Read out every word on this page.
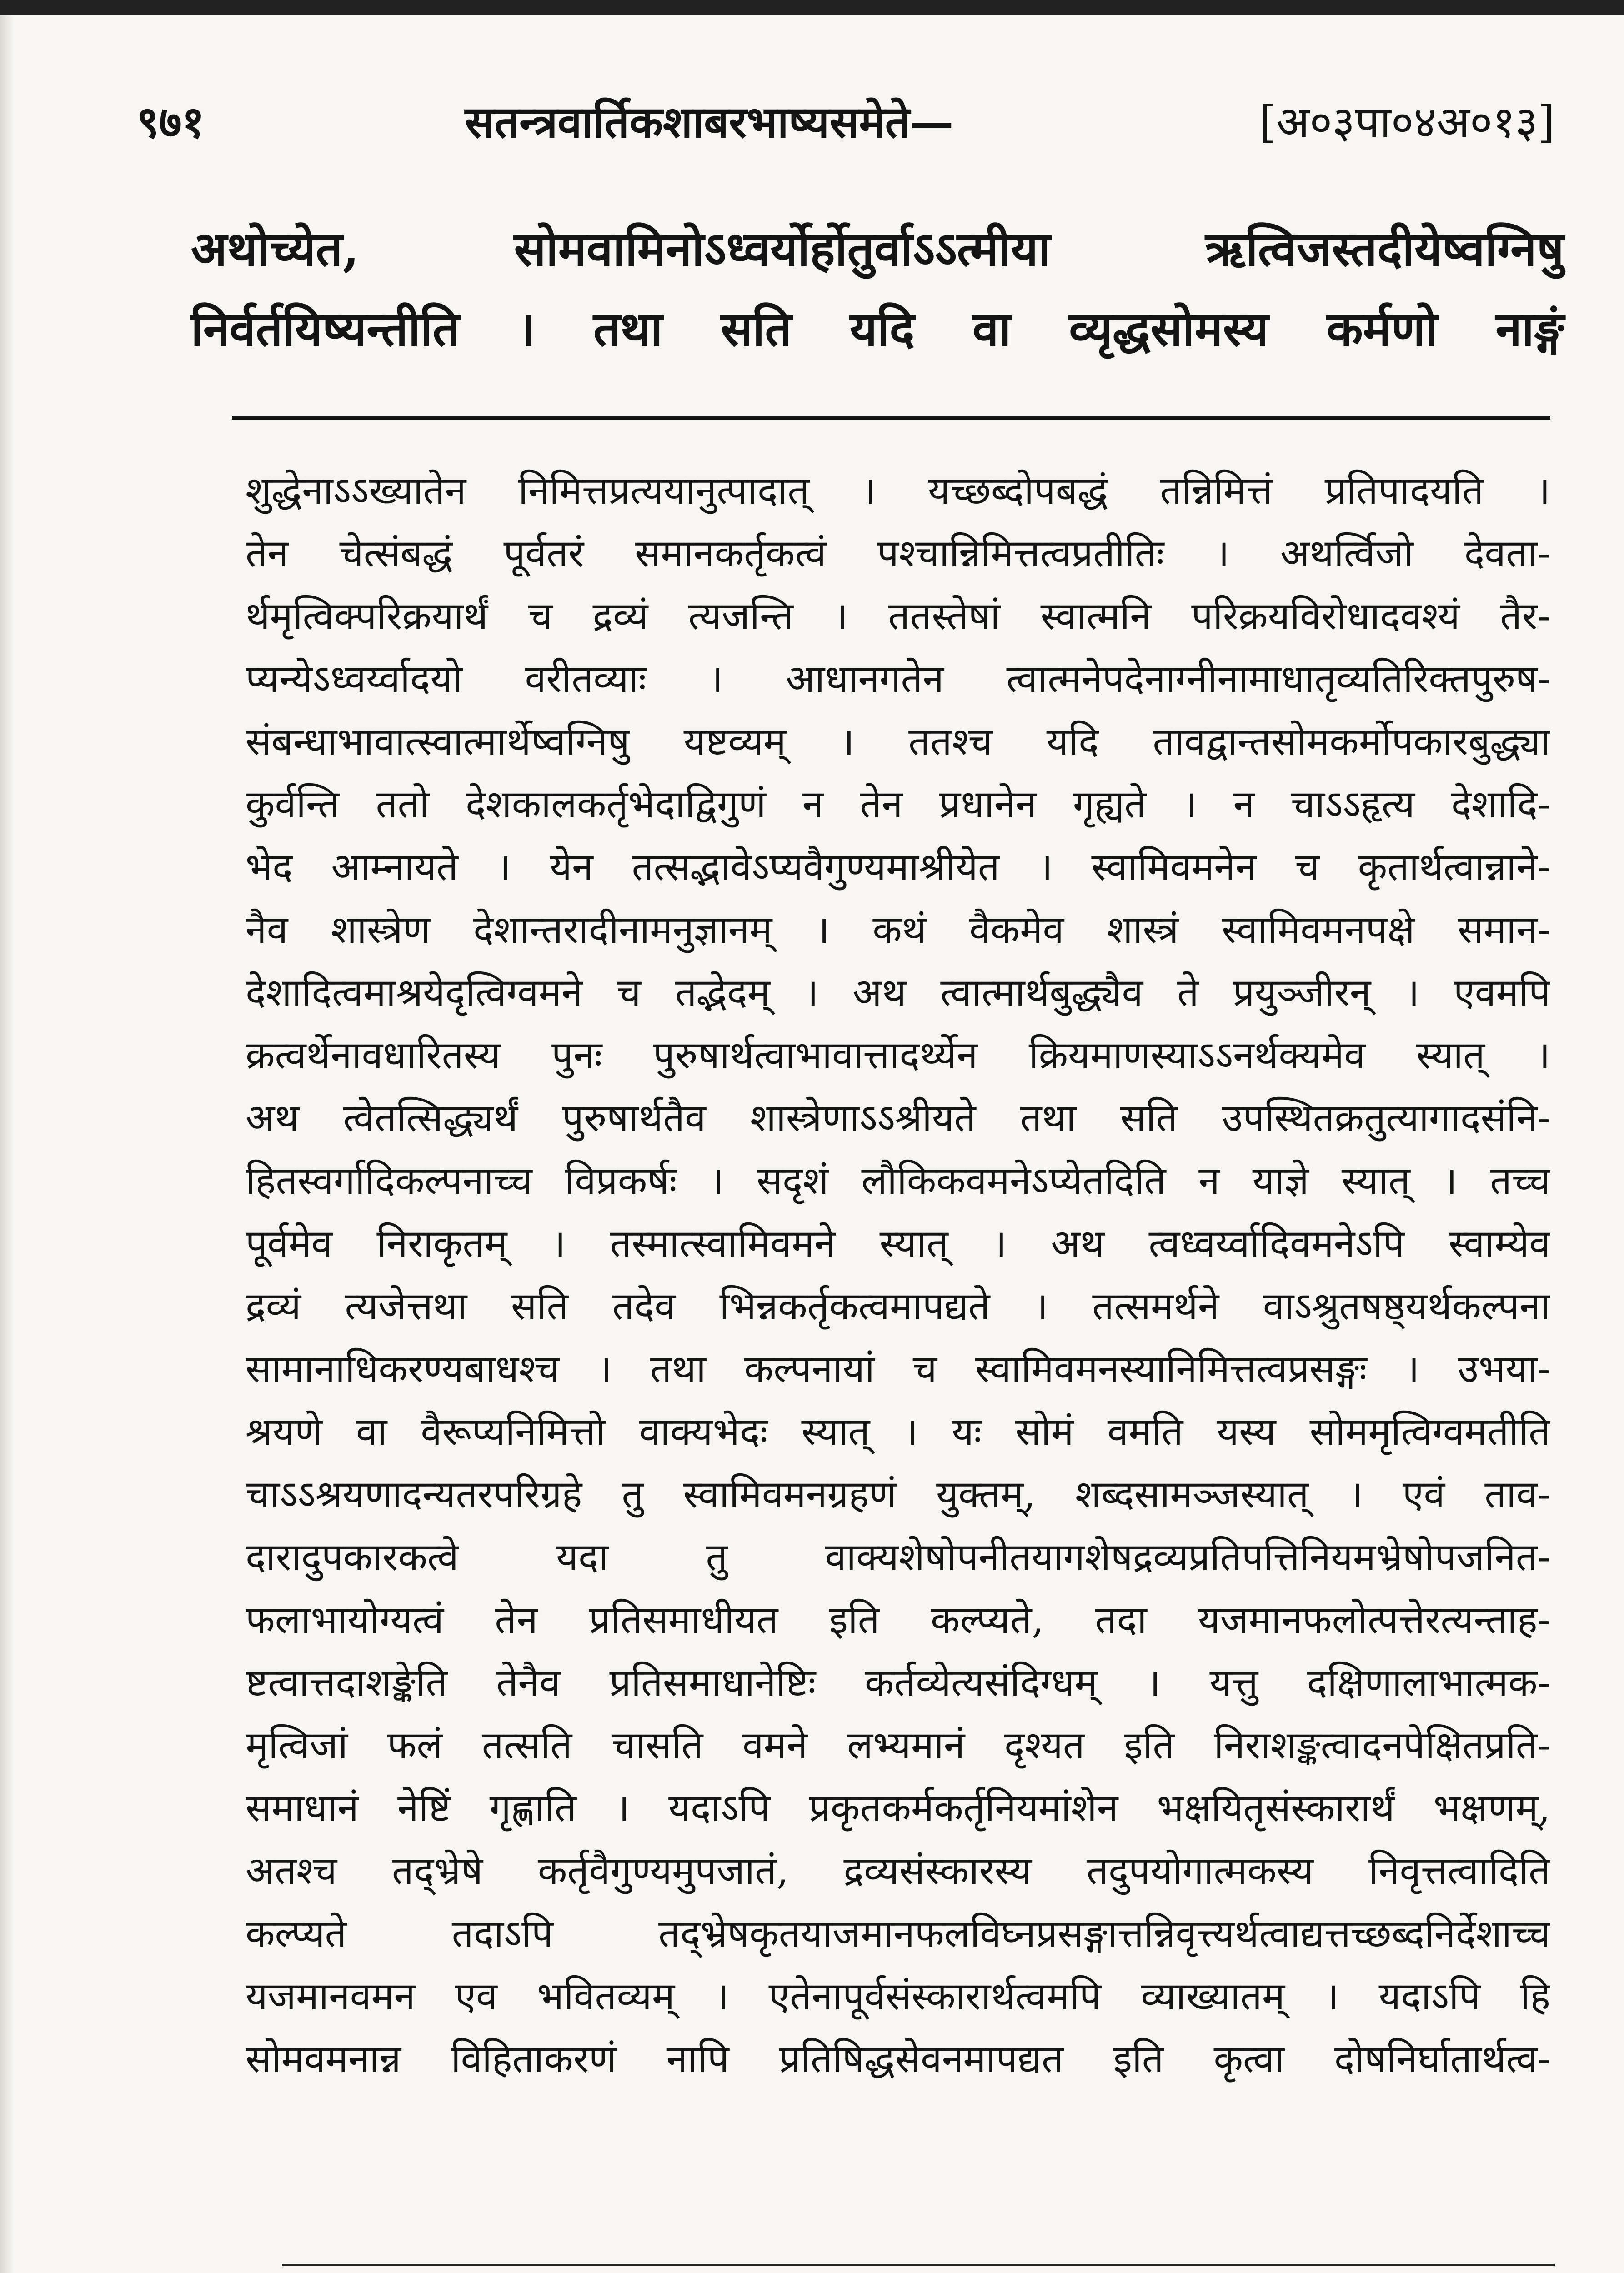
९७१	सतन्त्रवार्तिकशाबरभाष्यसमेते—	[अ०३पा०४अ०१३]
अथोच्येत, सोमवामिनोऽध्वर्योर्होतुर्वाऽऽत्मीया ऋत्विजस्तदीयेष्वग्निषु
निर्वर्तयिष्यन्तीति । तथा सति यदि वा व्यृद्धसोमस्य कर्मणो नाङ्गं
शुद्धेनाऽऽख्यातेन निमित्तप्रत्ययानुत्पादात् । यच्छब्दोपबद्धं तन्निमित्तं प्रतिपादयति ।
तेन चेत्संबद्धं पूर्वतरं समानकर्तृकत्वं पश्चान्निमित्तत्वप्रतीतिः । अथर्त्विजो देवता-
र्थमृत्विक्परिक्रयार्थं च द्रव्यं त्यजन्ति । ततस्तेषां स्वात्मनि परिक्रयविरोधादवश्यं तैर-
प्यन्येऽध्वर्य्वादयो वरीतव्याः । आधानगतेन त्वात्मनेपदेनाग्नीनामाधातृव्यतिरिक्तपुरुष-
संबन्धाभावात्स्वात्मार्थेष्वग्निषु यष्टव्यम् । ततश्च यदि तावद्वान्तसोमकर्मोपकारबुद्ध्या
कुर्वन्ति ततो देशकालकर्तृभेदाद्विगुणं न तेन प्रधानेन गृह्यते । न चाऽऽहृत्य देशादि-
भेद आम्नायते । येन तत्सद्भावेऽप्यवैगुण्यमाश्रीयेत । स्वामिवमनेन च कृतार्थत्वान्नाने-
नैव शास्त्रेण देशान्तरादीनामनुज्ञानम् । कथं वैकमेव शास्त्रं स्वामिवमनपक्षे समान-
देशादित्वमाश्रयेदृत्विग्वमने च तद्भेदम् । अथ त्वात्मार्थबुद्ध्यैव ते प्रयुञ्जीरन् । एवमपि
क्रत्वर्थेनावधारितस्य पुनः पुरुषार्थत्वाभावात्तादर्थ्येन क्रियमाणस्याऽऽनर्थक्यमेव स्यात् ।
अथ त्वेतत्सिद्ध्यर्थं पुरुषार्थतैव शास्त्रेणाऽऽश्रीयते तथा सति उपस्थितक्रतुत्यागादसंनि-
हितस्वर्गादिकल्पनाच्च विप्रकर्षः । सदृशं लौकिकवमनेऽप्येतदिति न याज्ञे स्यात् । तच्च
पूर्वमेव निराकृतम् । तस्मात्स्वामिवमने स्यात् । अथ त्वध्वर्य्वादिवमनेऽपि स्वाम्येव
द्रव्यं त्यजेत्तथा सति तदेव भिन्नकर्तृकत्वमापद्यते । तत्समर्थने वाऽश्रुतषष्ठ्यर्थकल्पना
सामानाधिकरण्यबाधश्च । तथा कल्पनायां च स्वामिवमनस्यानिमित्तत्वप्रसङ्गः । उभया-
श्रयणे वा वैरूप्यनिमित्तो वाक्यभेदः स्यात् । यः सोमं वमति यस्य सोममृत्विग्वमतीति
चाऽऽश्रयणादन्यतरपरिग्रहे तु स्वामिवमनग्रहणं युक्तम्, शब्दसामञ्जस्यात् । एवं ताव-
दारादुपकारकत्वे यदा तु वाक्यशेषोपनीतयागशेषद्रव्यप्रतिपत्तिनियमभ्रेषोपजनित-
फलाभायोग्यत्वं तेन प्रतिसमाधीयत इति कल्प्यते, तदा यजमानफलोत्पत्तेरत्यन्ताह-
ष्टत्वात्तदाशङ्केति तेनैव प्रतिसमाधानेष्टिः कर्तव्येत्यसंदिग्धम् । यत्तु दक्षिणालाभात्मक-
मृत्विजां फलं तत्सति चासति वमने लभ्यमानं दृश्यत इति निराशङ्कत्वादनपेक्षितप्रति-
समाधानं नेष्टिं गृह्णाति । यदाऽपि प्रकृतकर्मकर्तृनियमांशेन भक्षयितृसंस्कारार्थं भक्षणम्,
अतश्च तद्भ्रेषे कर्तृवैगुण्यमुपजातं, द्रव्यसंस्कारस्य तदुपयोगात्मकस्य निवृत्तत्वादिति
कल्प्यते तदाऽपि तद्भ्रेषकृतयाजमानफलविघ्नप्रसङ्गात्तन्निवृत्त्यर्थत्वाद्यत्तच्छब्दनिर्देशाच्च
यजमानवमन एव भवितव्यम् । एतेनापूर्वसंस्कारार्थत्वमपि व्याख्यातम् । यदाऽपि हि
सोमवमनान्न विहिताकरणं नापि प्रतिषिद्धसेवनमापद्यत इति कृत्वा दोषनिर्घातार्थत्व-
